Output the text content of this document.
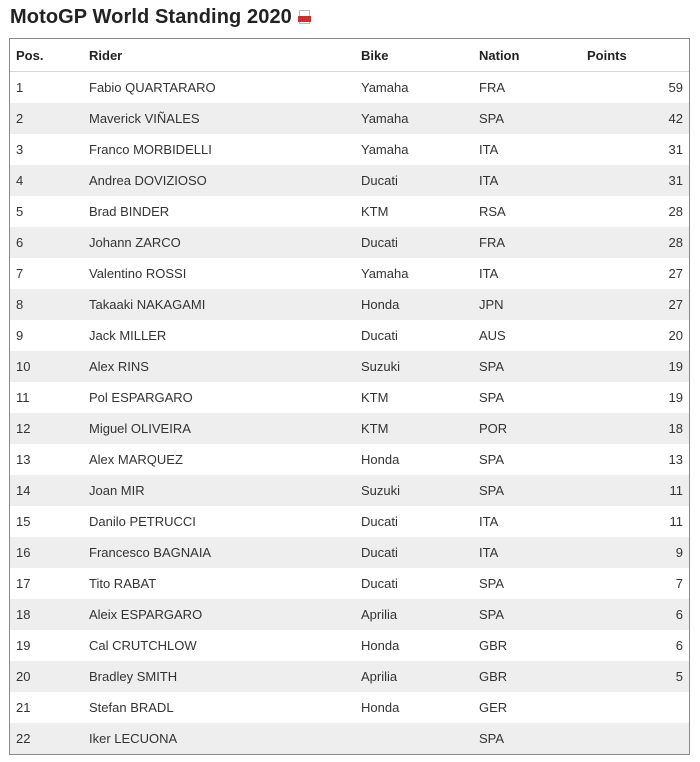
MotoGP World Standing 2020
Pos.	Rider	Bike	Nation	Points
1	Fabio QUARTARARO	Yamaha	FRA	59
2	Maverick VIÑALES	Yamaha	SPA	42
3	Franco MORBIDELLI	Yamaha	ITA	31
4	Andrea DOVIZIOSO	Ducati	ITA	31
5	Brad BINDER	KTM	RSA	28
6	Johann ZARCO	Ducati	FRA	28
7	Valentino ROSSI	Yamaha	ITA	27
8	Takaaki NAKAGAMI	Honda	JPN	27
9	Jack MILLER	Ducati	AUS	20
10	Alex RINS	Suzuki	SPA	19
11	Pol ESPARGARO	KTM	SPA	19
12	Miguel OLIVEIRA	KTM	POR	18
13	Alex MARQUEZ	Honda	SPA	13
14	Joan MIR	Suzuki	SPA	11
15	Danilo PETRUCCI	Ducati	ITA	11
16	Francesco BAGNAIA	Ducati	ITA	9
17	Tito RABAT	Ducati	SPA	7
18	Aleix ESPARGARO	Aprilia	SPA	6
19	Cal CRUTCHLOW	Honda	GBR	6
20	Bradley SMITH	Aprilia	GBR	5
21	Stefan BRADL	Honda	GER	
22	Iker LECUONA		SPA	
